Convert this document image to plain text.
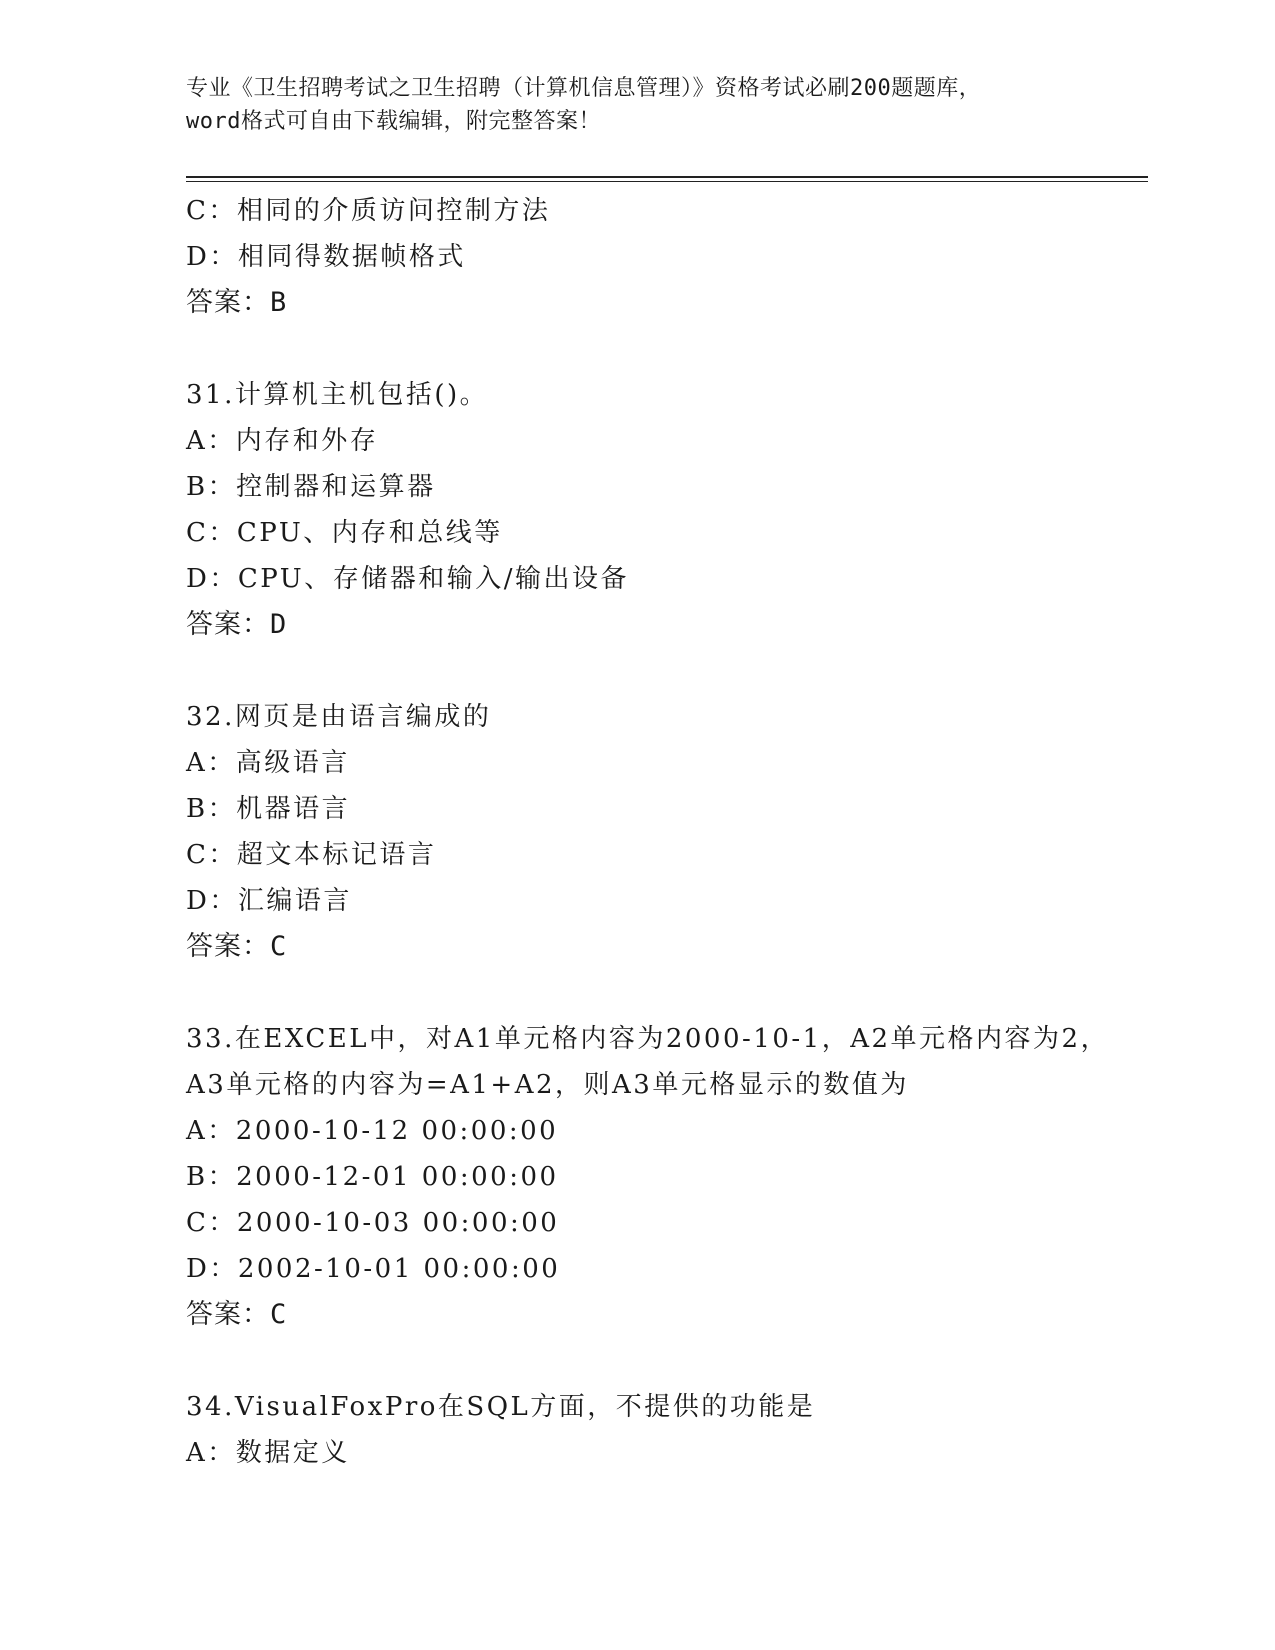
专业《卫生招聘考试之卫生招聘（计算机信息管理）》资格考试必刷200题题库，
word格式可自由下载编辑，附完整答案！
C：相同的介质访问控制方法
D：相同得数据帧格式
答案：B
31.计算机主机包括()。
A：内存和外存
B：控制器和运算器
C：CPU、内存和总线等
D：CPU、存储器和输入/输出设备
答案：D
32.网页是由语言编成的
A：高级语言
B：机器语言
C：超文本标记语言
D：汇编语言
答案：C
33.在EXCEL中，对A1单元格内容为2000-10-1，A2单元格内容为2，
A3单元格的内容为=A1+A2，则A3单元格显示的数值为
A：2000-10-12 00:00:00
B：2000-12-01 00:00:00
C：2000-10-03 00:00:00
D：2002-10-01 00:00:00
答案：C
34.VisualFoxPro在SQL方面，不提供的功能是
A：数据定义
